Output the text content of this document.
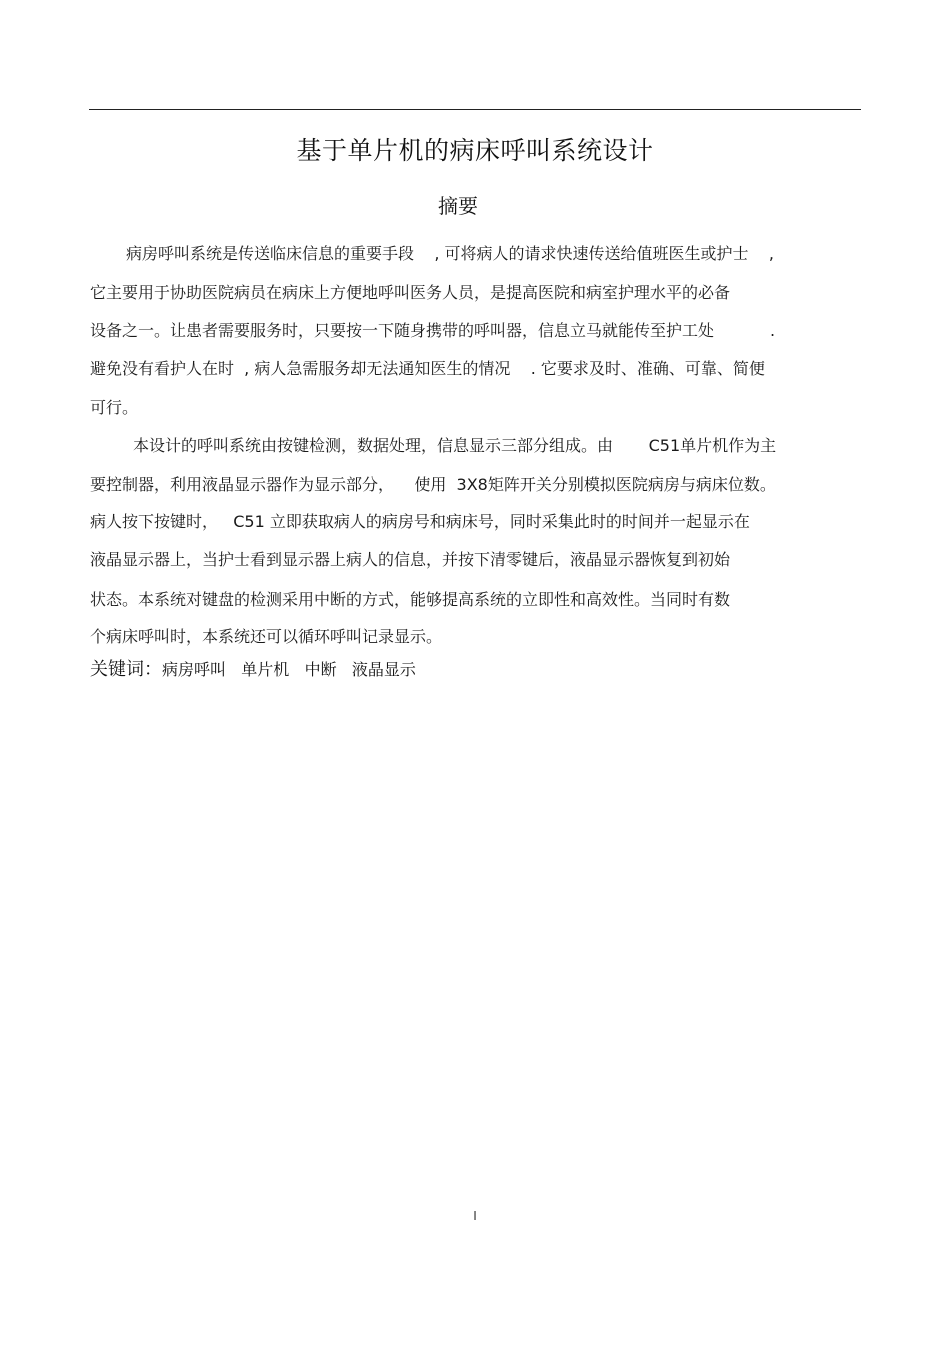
基于单片机的病床呼叫系统设计
摘要
病房呼叫系统是传送临床信息的重要手段    , 可将病人的请求快速传送给值班医生或护士    ,
它主要用于协助医院病员在病床上方便地呼叫医务人员，是提高医院和病室护理水平的必备
设备之一。让患者需要服务时，只要按一下随身携带的呼叫器，信息立马就能传至护工处           .
避免没有看护人在时  , 病人急需服务却无法通知医生的情况    . 它要求及时、准确、可靠、简便
可行。
本设计的呼叫系统由按键检测，数据处理，信息显示三部分组成。由       C51单片机作为主
要控制器，利用液晶显示器作为显示部分，    使用  3X8矩阵开关分别模拟医院病房与病床位数。
病人按下按键时，   C51 立即获取病人的病房号和病床号，同时采集此时的时间并一起显示在
液晶显示器上，当护士看到显示器上病人的信息，并按下清零键后，液晶显示器恢复到初始
状态。本系统对键盘的检测采用中断的方式，能够提高系统的立即性和高效性。当同时有数
个病床呼叫时，本系统还可以循环呼叫记录显示。
关键词：病房呼叫 单片机 中断 液晶显示
I
